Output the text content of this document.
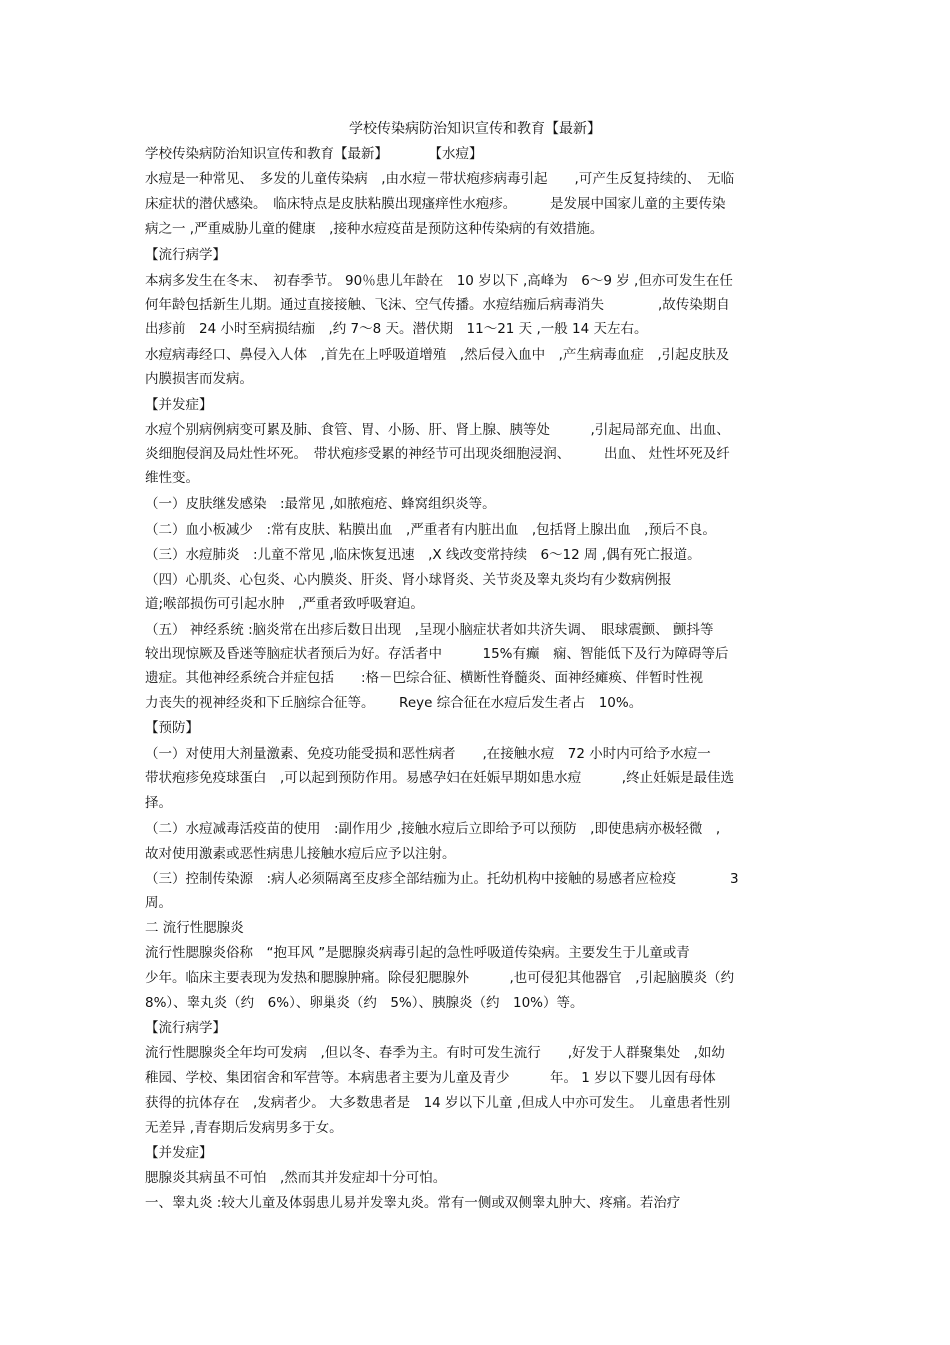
学校传染病防治知识宣传和教育【最新】
学校传染病防治知识宣传和教育【最新】　　　　【水痘】
水痘是一种常见、　多发的儿童传染病　,由水痘－带状疱疹病毒引起　　,可产生反复持续的、　无临
床症状的潜伏感染。　临床特点是皮肤粘膜出现瘙痒性水疱疹。　　　是发展中国家儿童的主要传染
病之一 ,严重威胁儿童的健康　,接种水痘疫苗是预防这种传染病的有效措施。
【流行病学】
本病多发生在冬末、　初春季节。 90％患儿年龄在　10 岁以下 ,高峰为　6～9 岁 ,但亦可发生在任
何年龄包括新生儿期。通过直接接触、飞沫、空气传播。水痘结痂后病毒消失　　　　,故传染期自
出疹前　24 小时至病损结痂　,约 7～8 天。潜伏期　11～21 天 ,一般 14 天左右。
水痘病毒经口、鼻侵入人体　,首先在上呼吸道增殖　,然后侵入血中　,产生病毒血症　,引起皮肤及
内膜损害而发病。
【并发症】
水痘个别病例病变可累及肺、食管、胃、小肠、肝、肾上腺、胰等处　　　,引起局部充血、出血、
炎细胞侵润及局灶性坏死。　带状疱疹受累的神经节可出现炎细胞浸润、　　　出血、 灶性坏死及纤
维性变。
（一）皮肤继发感染　:最常见 ,如脓疱疮、蜂窝组织炎等。
（二）血小板减少　:常有皮肤、粘膜出血　,严重者有内脏出血　,包括肾上腺出血　,预后不良。
（三）水痘肺炎　:儿童不常见 ,临床恢复迅速　,X 线改变常持续　6～12 周 ,偶有死亡报道。
（四）心肌炎、心包炎、心内膜炎、肝炎、肾小球肾炎、关节炎及睾丸炎均有少数病例报
道;喉部损伤可引起水肿　,严重者致呼吸窘迫。
（五） 神经系统 :脑炎常在出疹后数日出现　,呈现小脑症状者如共济失调、　眼球震颤、 颤抖等
较出现惊厥及昏迷等脑症状者预后为好。存活者中　　　15%有癫　痫、智能低下及行为障碍等后
遗症。其他神经系统合并症包括　　:格－巴综合征、横断性脊髓炎、面神经瘫痪、伴暂时性视
力丧失的视神经炎和下丘脑综合征等。　　 Reye 综合征在水痘后发生者占　10%。
【预防】
（一）对使用大剂量激素、免疫功能受损和恶性病者　　,在接触水痘　72 小时内可给予水痘一
带状疱疹免疫球蛋白　,可以起到预防作用。易感孕妇在妊娠早期如患水痘　　　,终止妊娠是最佳选
择。
（二）水痘减毒活疫苗的使用　:副作用少 ,接触水痘后立即给予可以预防　,即使患病亦极轻微　,
故对使用激素或恶性病患儿接触水痘后应予以注射。
（三）控制传染源　:病人必须隔离至皮疹全部结痂为止。托幼机构中接触的易感者应检疫　　　　3
周。
二 流行性腮腺炎
流行性腮腺炎俗称　“抱耳风 ”是腮腺炎病毒引起的急性呼吸道传染病。主要发生于儿童或青
少年。临床主要表现为发热和腮腺肿痛。除侵犯腮腺外　　　,也可侵犯其他器官　,引起脑膜炎（约
8%）、睾丸炎（约　6%）、卵巢炎（约　5%）、胰腺炎（约　10%）等。
【流行病学】
流行性腮腺炎全年均可发病　,但以冬、春季为主。有时可发生流行　　,好发于人群聚集处　,如幼
稚园、学校、集团宿舍和军营等。本病患者主要为儿童及青少　　　年。 1 岁以下婴儿因有母体
获得的抗体存在　,发病者少。 大多数患者是　14 岁以下儿童 ,但成人中亦可发生。　儿童患者性别
无差异 ,青春期后发病男多于女。
【并发症】
腮腺炎其病虽不可怕　,然而其并发症却十分可怕。
一、睾丸炎 :较大儿童及体弱患儿易并发睾丸炎。常有一侧或双侧睾丸肿大、疼痛。若治疗
